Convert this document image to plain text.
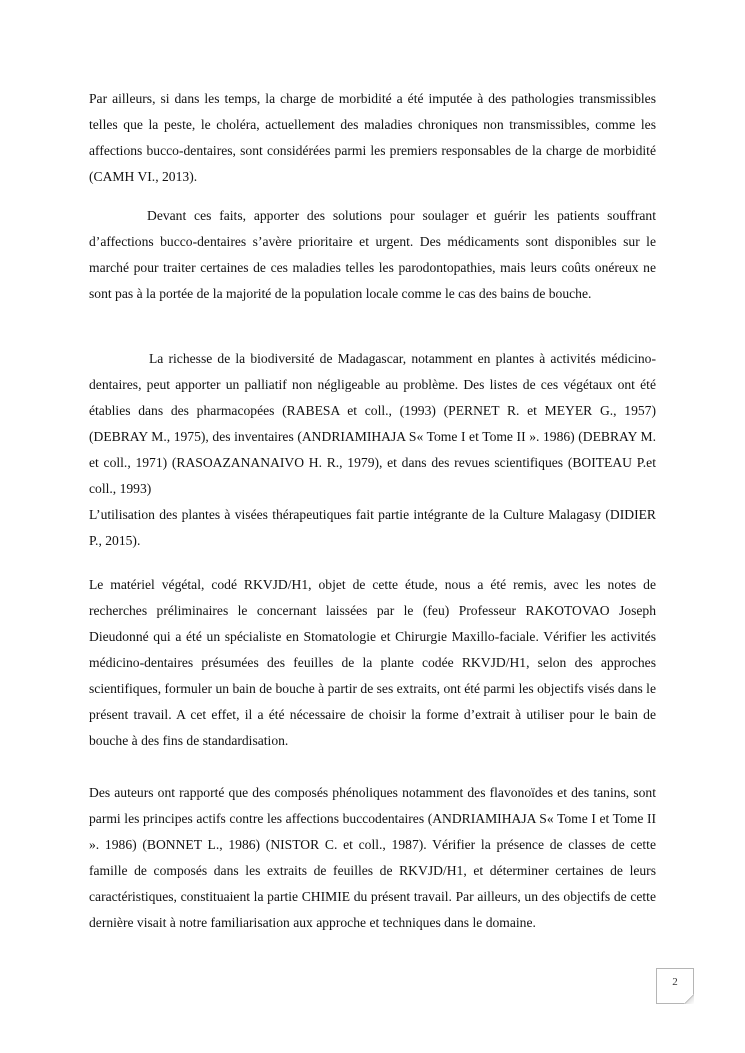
Par ailleurs, si dans les temps, la charge de morbidité a été imputée à des pathologies transmissibles telles que la peste, le choléra, actuellement des maladies chroniques non transmissibles, comme les affections bucco-dentaires, sont considérées parmi les premiers responsables de la charge de morbidité (CAMH VI., 2013).

Devant ces faits, apporter des solutions pour soulager et guérir les patients souffrant d’affections bucco-dentaires s’avère prioritaire et urgent. Des médicaments sont disponibles sur le marché pour traiter certaines de ces maladies telles les parodontopathies, mais leurs coûts onéreux ne sont pas à la portée de la majorité de la population locale comme le cas des bains de bouche.

La richesse de la biodiversité de Madagascar, notamment en plantes à activités médicino-dentaires, peut apporter un palliatif non négligeable au problème. Des listes de ces végétaux ont été établies dans des pharmacopées (RABESA et coll., (1993) (PERNET R. et MEYER G., 1957) (DEBRAY M., 1975), des inventaires (ANDRIAMIHAJA S« Tome I et Tome II ». 1986) (DEBRAY M. et coll., 1971) (RASOAZANANAIVO H. R., 1979), et dans des revues scientifiques (BOITEAU P.et coll., 1993)

L’utilisation des plantes à visées thérapeutiques fait partie intégrante de la Culture Malagasy (DIDIER P., 2015).

Le matériel végétal, codé RKVJD/H1, objet de cette étude, nous a été remis, avec les notes de recherches préliminaires le concernant laissées par le (feu) Professeur RAKOTOVAO Joseph Dieudonné qui a été un spécialiste en Stomatologie et Chirurgie Maxillo-faciale. Vérifier les activités médicino-dentaires présumées des feuilles de la plante codée RKVJD/H1, selon des approches scientifiques, formuler un bain de bouche à partir de ses extraits, ont été parmi les objectifs visés dans le présent travail. A cet effet, il a été nécessaire de choisir la forme d’extrait à utiliser pour le bain de bouche à des fins de standardisation.

Des auteurs ont rapporté que des composés phénoliques notamment des flavonoïdes et des tanins, sont parmi les principes actifs contre les affections buccodentaires (ANDRIAMIHAJA S« Tome I et Tome II ». 1986) (BONNET L., 1986) (NISTOR C. et coll., 1987). Vérifier la présence de classes de cette famille de composés dans les extraits de feuilles de RKVJD/H1, et déterminer certaines de leurs caractéristiques, constituaient la partie CHIMIE du présent travail. Par ailleurs, un des objectifs de cette dernière visait à notre familiarisation aux approche et techniques dans le domaine.

2
